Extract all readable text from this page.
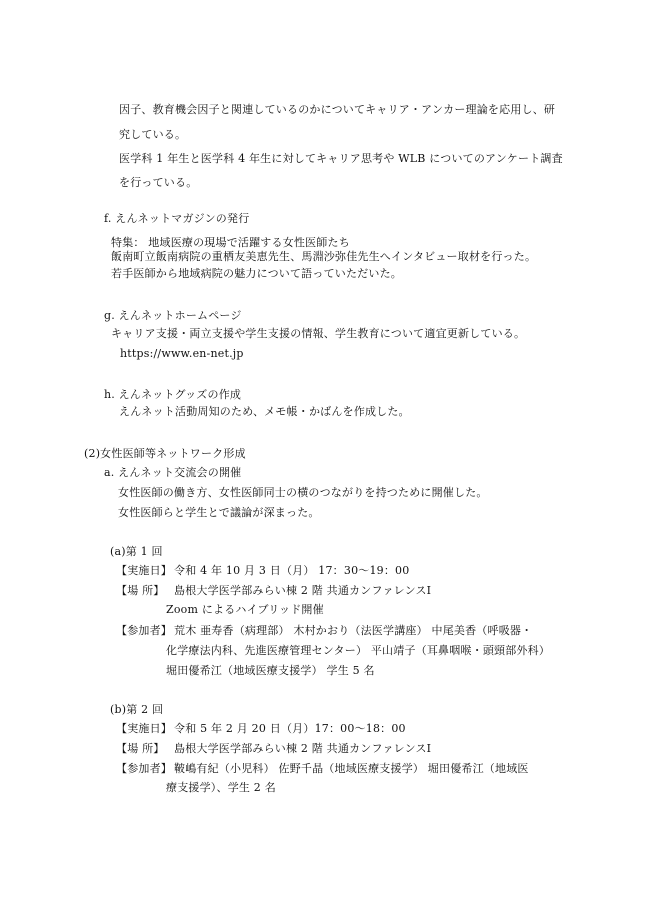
因子、教育機会因子と関連しているのかについてキャリア・アンカー理論を応用し、研
究している。
医学科 1 年生と医学科 4 年生に対してキャリア思考や WLB についてのアンケート調査
を行っている。
f. えんネットマガジンの発行
特集： 地域医療の現場で活躍する女性医師たち
飯南町立飯南病院の重栖友美恵先生、馬淵沙弥佳先生へインタビュー取材を行った。
若手医師から地域病院の魅力について語っていただいた。
g. えんネットホームページ
キャリア支援・両立支援や学生支援の情報、学生教育について適宜更新している。
https://www.en-net.jp
h. えんネットグッズの作成
えんネット活動周知のため、メモ帳・かばんを作成した。
(2)女性医師等ネットワーク形成
a. えんネット交流会の開催
女性医師の働き方、女性医師同士の横のつながりを持つために開催した。
女性医師らと学生とで議論が深まった。
(a)第 1 回
【実施日】 令和 4 年 10 月 3 日（月） 17：30〜19：00
【場 所】 島根大学医学部みらい棟 2 階 共通カンファレンスⅠ
Zoom によるハイブリッド開催
【参加者】 荒木 亜寿香（病理部） 木村かおり（法医学講座） 中尾美香（呼吸器・
化学療法内科、先進医療管理センター） 平山靖子（耳鼻咽喉・頭頸部外科）
堀田優希江（地域医療支援学） 学生 5 名
(b)第 2 回
【実施日】 令和 5 年 2 月 20 日（月）17：00〜18：00
【場 所】 島根大学医学部みらい棟 2 階 共通カンファレンスⅠ
【参加者】 鞁嶋有紀（小児科） 佐野千晶（地域医療支援学） 堀田優希江（地域医
療支援学）、学生 2 名
